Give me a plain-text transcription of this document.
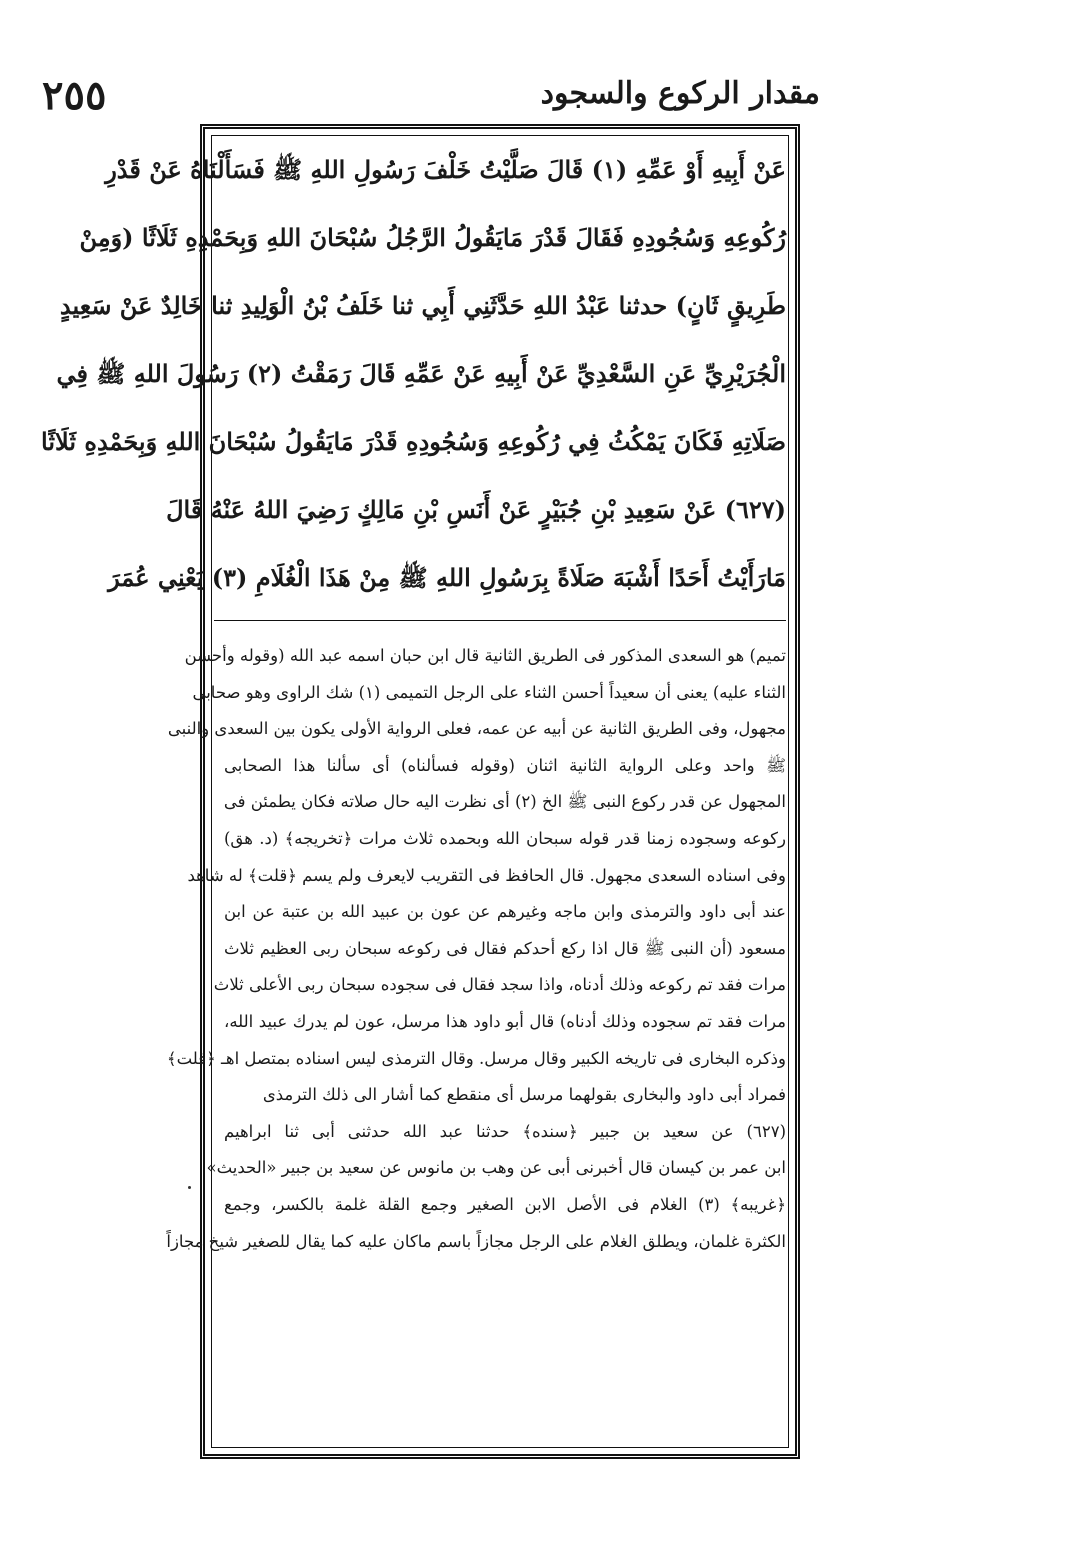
٢٥٥	مقدار الركوع والسجود
عَنْ أَبِيهِ أَوْ عَمِّهِ (١) قَالَ صَلَّيْتُ خَلْفَ رَسُولِ اللهِ ﷺ فَسَأَلْنَاهُ عَنْ قَدْرِ
رُكُوعِهِ وَسُجُودِهِ فَقَالَ قَدْرَ مَايَقُولُ الرَّجُلُ سُبْحَانَ اللهِ وَبِحَمْدِهِ ثَلَاثًا (وَمِنْ
طَرِيقٍ ثَانٍ) حدثنا عَبْدُ اللهِ حَدَّثَنِي أَبِي ثنا خَلَفُ بْنُ الْوَلِيدِ ثنا خَالِدٌ عَنْ سَعِيدٍ
الْجُرَيْرِيِّ عَنِ السَّعْدِيِّ عَنْ أَبِيهِ عَنْ عَمِّهِ قَالَ رَمَقْتُ (٢) رَسُولَ اللهِ ﷺ فِي
صَلَاتِهِ فَكَانَ يَمْكُثُ فِي رُكُوعِهِ وَسُجُودِهِ قَدْرَ مَايَقُولُ سُبْحَانَ اللهِ وَبِحَمْدِهِ ثَلَاثًا
(٦٢٧) عَنْ سَعِيدِ بْنِ جُبَيْرٍ عَنْ أَنَسِ بْنِ مَالِكٍ رَضِيَ اللهُ عَنْهُ قَالَ
مَارَأَيْتُ أَحَدًا أَشْبَهَ صَلَاةً بِرَسُولِ اللهِ ﷺ مِنْ هَذَا الْغُلَامِ (٣) يَعْنِي عُمَرَ
تميم) هو السعدى المذكور فى الطريق الثانية قال ابن حبان اسمه عبد الله (وقوله وأحسن
الثناء عليه) يعنى أن سعيداً أحسن الثناء على الرجل التميمى (١) شك الراوى وهو صحابى
مجهول، وفى الطريق الثانية عن أبيه عن عمه، فعلى الرواية الأولى يكون بين السعدى والنبى
ﷺ واحد وعلى الرواية الثانية اثنان (وقوله فسألناه) أى سألنا هذا الصحابى
المجهول عن قدر ركوع النبى ﷺ الخ (٢) أى نظرت اليه حال صلاته فكان يطمئن فى
ركوعه وسجوده زمنا قدر قوله سبحان الله وبحمده ثلاث مرات ﴿تخريجه﴾ (د. هق)
وفى اسناده السعدى مجهول. قال الحافظ فى التقريب لايعرف ولم يسم ﴿قلت﴾ له شاهد
عند أبى داود والترمذى وابن ماجه وغيرهم عن عون بن عبيد الله بن عتبة عن ابن
مسعود (أن النبى ﷺ قال اذا ركع أحدكم فقال فى ركوعه سبحان ربى العظيم ثلاث
مرات فقد تم ركوعه وذلك أدناه، واذا سجد فقال فى سجوده سبحان ربى الأعلى ثلاث
مرات فقد تم سجوده وذلك أدناه) قال أبو داود هذا مرسل، عون لم يدرك عبيد الله،
وذكره البخارى فى تاريخه الكبير وقال مرسل. وقال الترمذى ليس اسناده بمتصل اهـ ﴿قلت﴾
فمراد أبى داود والبخارى بقولهما مرسل أى منقطع كما أشار الى ذلك الترمذى
(٦٢٧) عن سعيد بن جبير ﴿سنده﴾ حدثنا عبد الله حدثنى أبى ثنا ابراهيم
ابن عمر بن كيسان قال أخبرنى أبى عن وهب بن مانوس عن سعيد بن جبير «الحديث»
﴿غريبه﴾ (٣) الغلام فى الأصل الابن الصغير وجمع القلة غلمة بالكسر، وجمع
الكثرة غلمان، ويطلق الغلام على الرجل مجازاً باسم ماكان عليه كما يقال للصغير شيخ مجازاً
